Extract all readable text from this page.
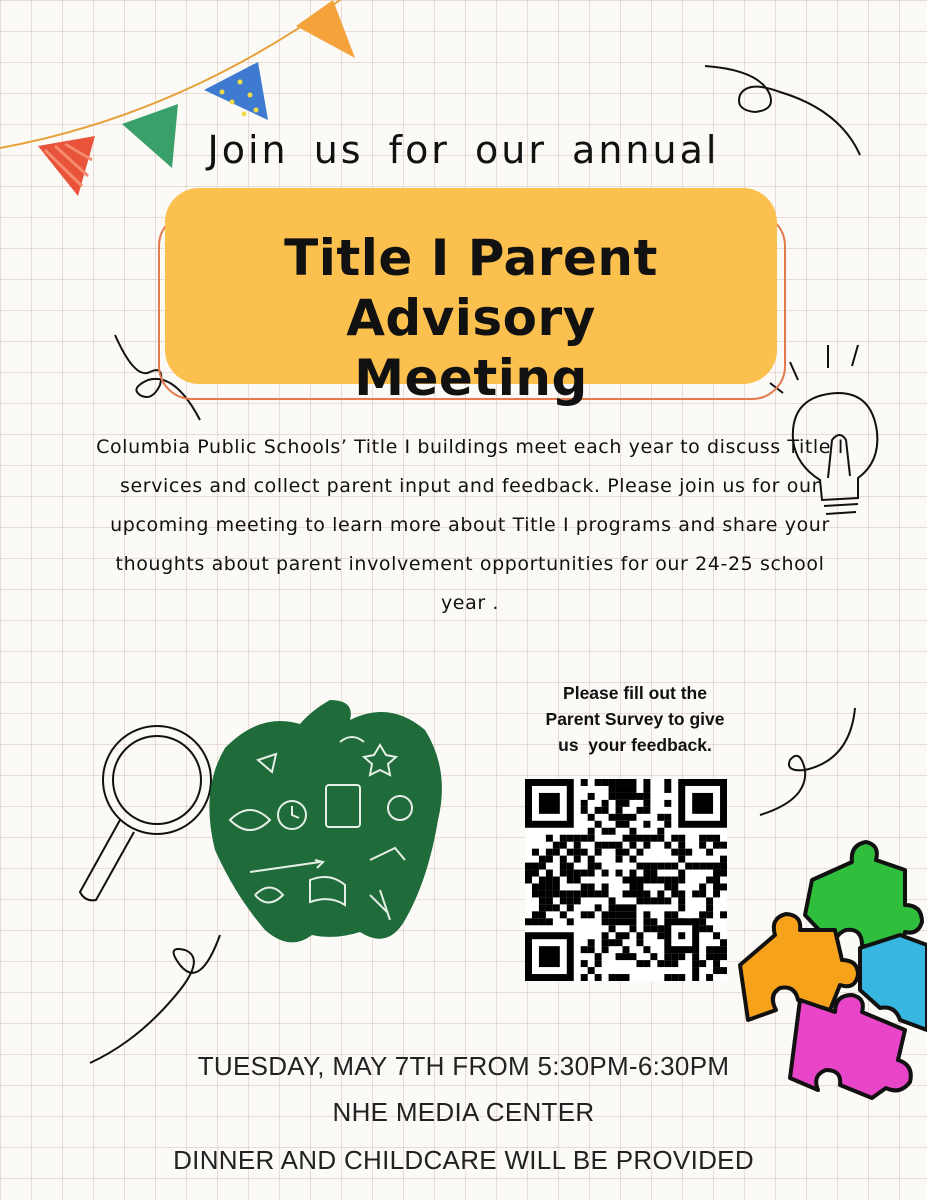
Join us for our annual
Title I Parent Advisory
Meeting
Columbia Public Schools’ Title I buildings meet each year to discuss Title I services and collect parent input and feedback. Please join us for our upcoming meeting to learn more about Title I programs and share your thoughts about parent involvement opportunities for our 24-25 school year .
Please fill out the
Parent Survey to give
us  your feedback.
TUESDAY, MAY 7TH FROM 5:30PM-6:30PM
NHE MEDIA CENTER
DINNER AND CHILDCARE WILL BE PROVIDED
